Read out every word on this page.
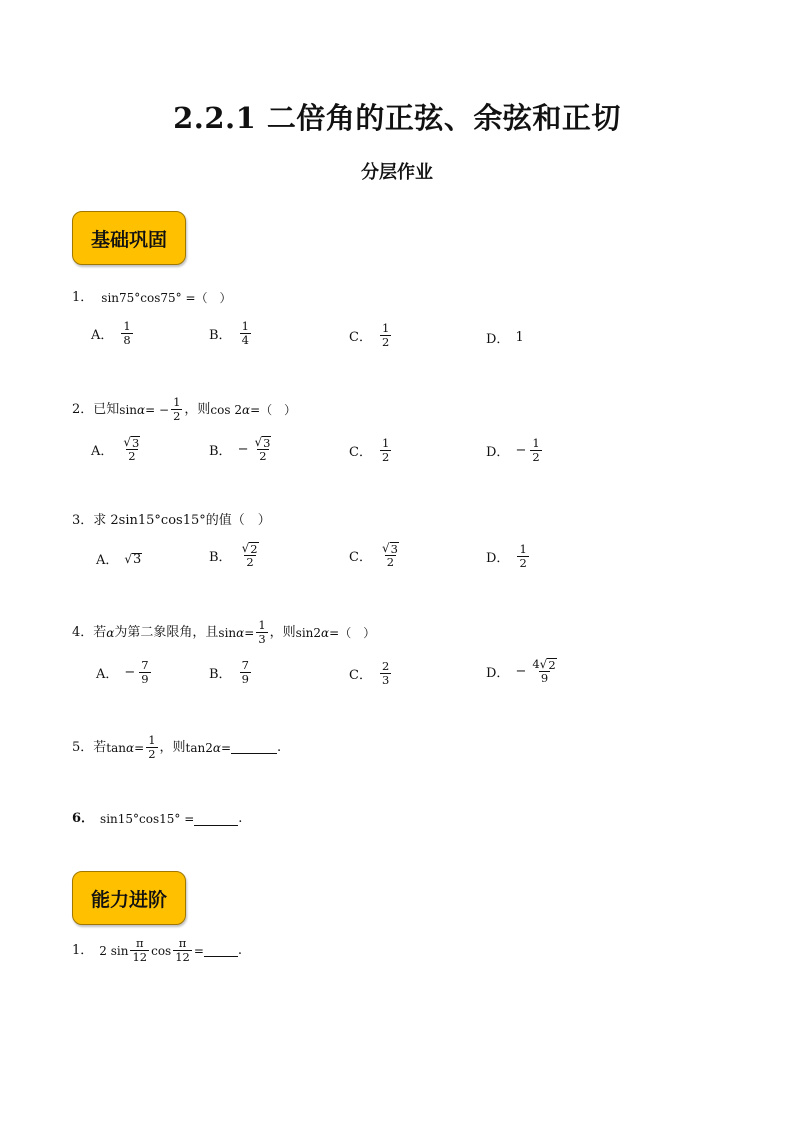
2.2.1 二倍角的正弦、余弦和正切
分层作业
基础巩固
1． sin75°cos75° =（　）
A． $\frac{1}{8}$	B． $\frac{1}{4}$	C． $\frac{1}{2}$	D． 1
2． 已知 sin α = − $\frac{1}{2}$ ，则 cos 2 α =（　）
A． $\frac{√ 3}{2}$	B． − $\frac{√ 3}{2}$	C． $\frac{1}{2}$	D． − $\frac{1}{2}$
3． 求 2sin15°cos15°的值（　）
A． √ 3	B． $\frac{√ 2}{2}$	C． $\frac{√ 3}{2}$	D． $\frac{1}{2}$
4． 若 α 为第二象限角，且 $\sin \alpha = \frac{1}{3}$ ，则 sin2 α =（　）
A． − $\frac{7}{9}$	B． $\frac{7}{9}$	C． $\frac{2}{3}$	D． − $\frac{4 √ 2}{9}$
5． 若 $\tan \alpha = \frac{1}{2}$ ，则 tan2 α =	.
6． sin15°cos15° =	.
能力进阶
1． 2 $\sin \frac{\pi}{12}$ $\cos \frac{\pi}{12}$ =	.
